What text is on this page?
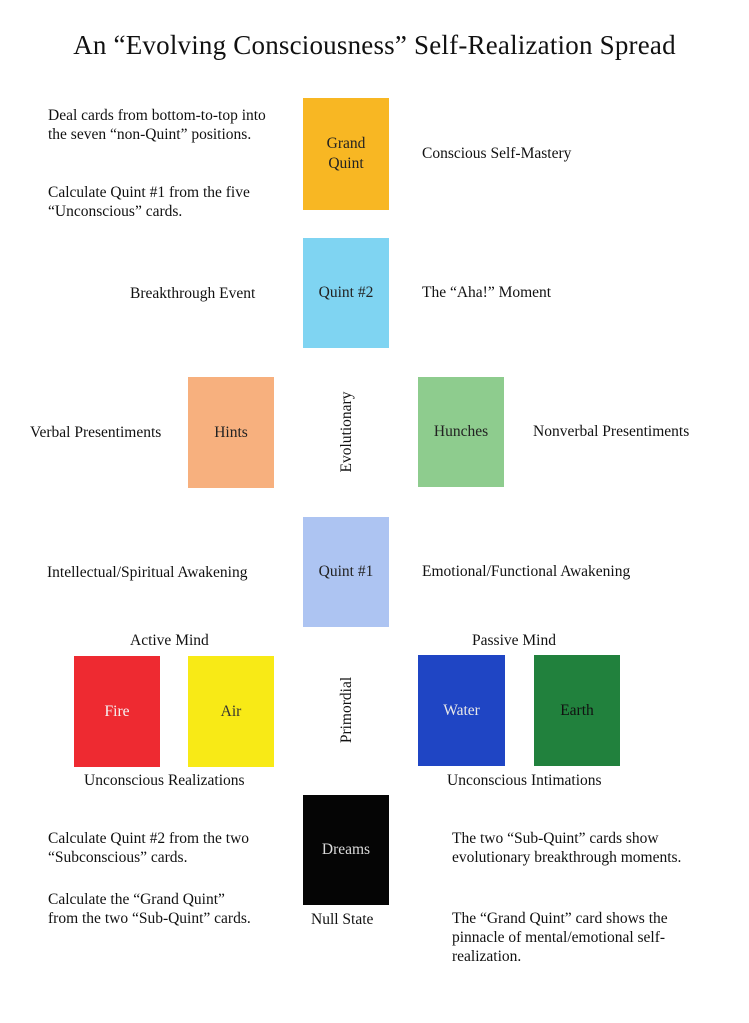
An “Evolving Consciousness” Self-Realization Spread
Deal cards from bottom-to-top into the seven “non-Quint” positions.
Calculate Quint #1 from the five “Unconscious” cards.
Grand Quint
Conscious Self-Mastery
Breakthrough Event	Quint #2	The “Aha!” Moment
Verbal Presentiments	Hints	Evolutionary	Hunches	Nonverbal Presentiments
Intellectual/Spiritual Awakening	Quint #1	Emotional/Functional Awakening
Active Mind	Passive Mind
Fire	Air	Primordial	Water	Earth
Unconscious Realizations	Unconscious Intimations
Dreams
Null State
Calculate Quint #2 from the two “Subconscious” cards.
Calculate the “Grand Quint” from the two “Sub-Quint” cards.
The two “Sub-Quint” cards show evolutionary breakthrough moments.
The “Grand Quint” card shows the pinnacle of mental/emotional self-realization.
